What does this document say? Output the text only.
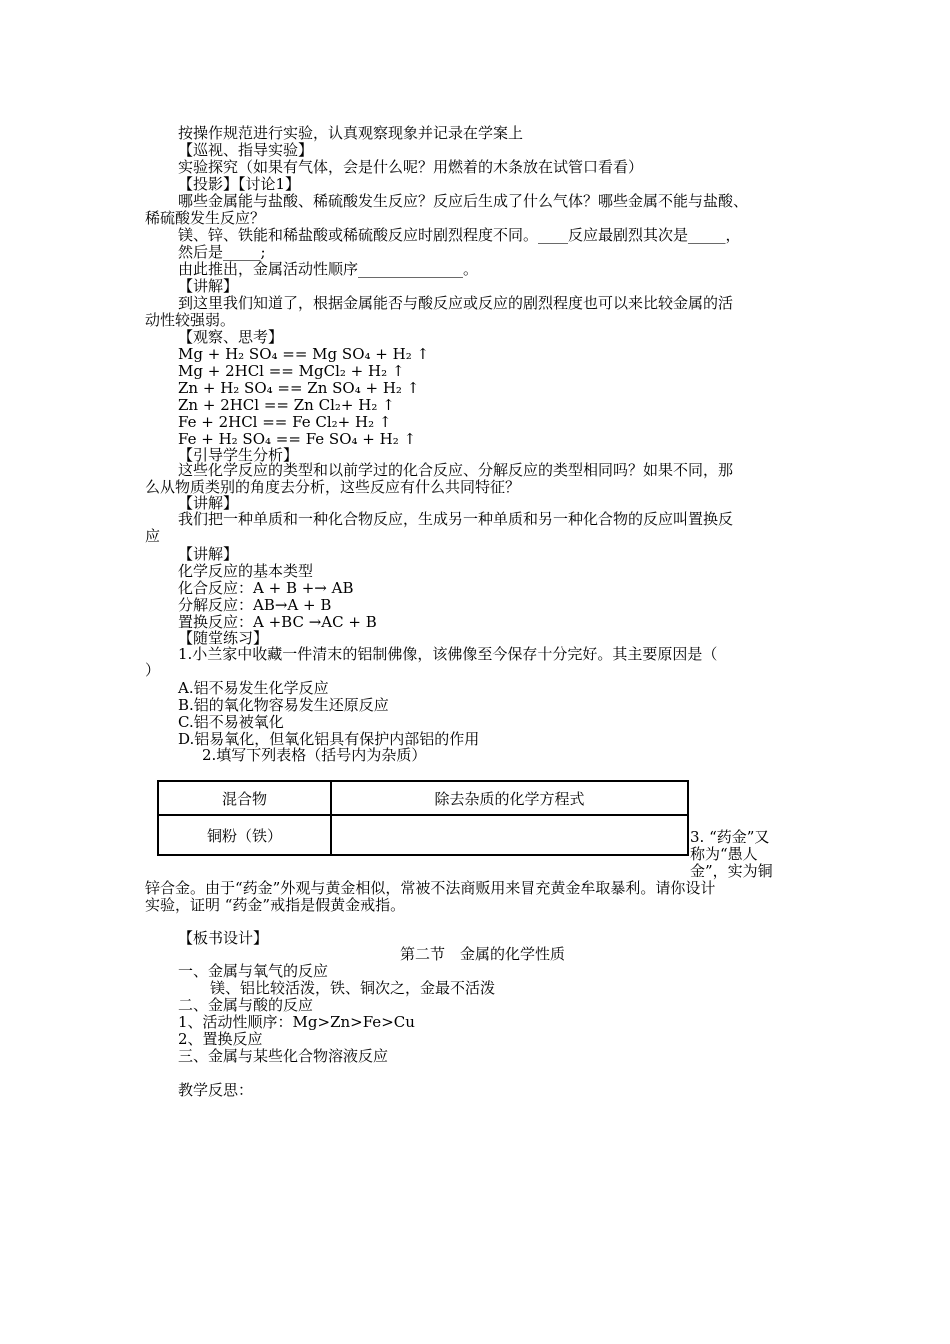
按操作规范进行实验，认真观察现象并记录在学案上
【巡视、指导实验】
实验探究（如果有气体，会是什么呢？用燃着的木条放在试管口看看）
【投影】【讨论1】
哪些金属能与盐酸、稀硫酸发生反应？反应后生成了什么气体？哪些金属不能与盐酸、
稀硫酸发生反应？
镁、锌、铁能和稀盐酸或稀硫酸反应时剧烈程度不同。____反应最剧烈其次是_____，
然后是_____;
由此推出，金属活动性顺序______________。
【讲解】
到这里我们知道了，根据金属能否与酸反应或反应的剧烈程度也可以来比较金属的活
动性较强弱。
【观察、思考】
Mg + H₂ SO₄ == Mg SO₄ + H₂ ↑
Mg + 2HCl == MgCl₂ + H₂ ↑
Zn + H₂ SO₄ == Zn SO₄ + H₂ ↑
Zn + 2HCl == Zn Cl₂+ H₂ ↑
Fe + 2HCl == Fe Cl₂+ H₂ ↑
Fe + H₂ SO₄ == Fe SO₄ + H₂ ↑
【引导学生分析】
这些化学反应的类型和以前学过的化合反应、分解反应的类型相同吗？如果不同，那
么从物质类别的角度去分析，这些反应有什么共同特征？
【讲解】
我们把一种单质和一种化合物反应，生成另一种单质和另一种化合物的反应叫置换反
应
【讲解】
化学反应的基本类型
化合反应：A + B +→ AB
分解反应：AB→A + B
置换反应：A +BC →AC + B
【随堂练习】
1.小兰家中收藏一件清末的铝制佛像，该佛像至今保存十分完好。其主要原因是（
）
A.铝不易发生化学反应
B.铝的氧化物容易发生还原反应
C.铝不易被氧化
D.铝易氧化，但氧化铝具有保护内部铝的作用
2.填写下列表格（括号内为杂质）
混合物	除去杂质的化学方程式
铜粉（铁）		3. “药金”又
称为“愚人
金”，实为铜
锌合金。由于“药金”外观与黄金相似，常被不法商贩用来冒充黄金牟取暴利。请你设计
实验，证明 “药金”戒指是假黄金戒指。
【板书设计】
第二节　金属的化学性质
一、金属与氧气的反应
镁、铝比较活泼，铁、铜次之，金最不活泼
二、金属与酸的反应
1、活动性顺序：Mg>Zn>Fe>Cu
2、置换反应
三、金属与某些化合物溶液反应
教学反思：
